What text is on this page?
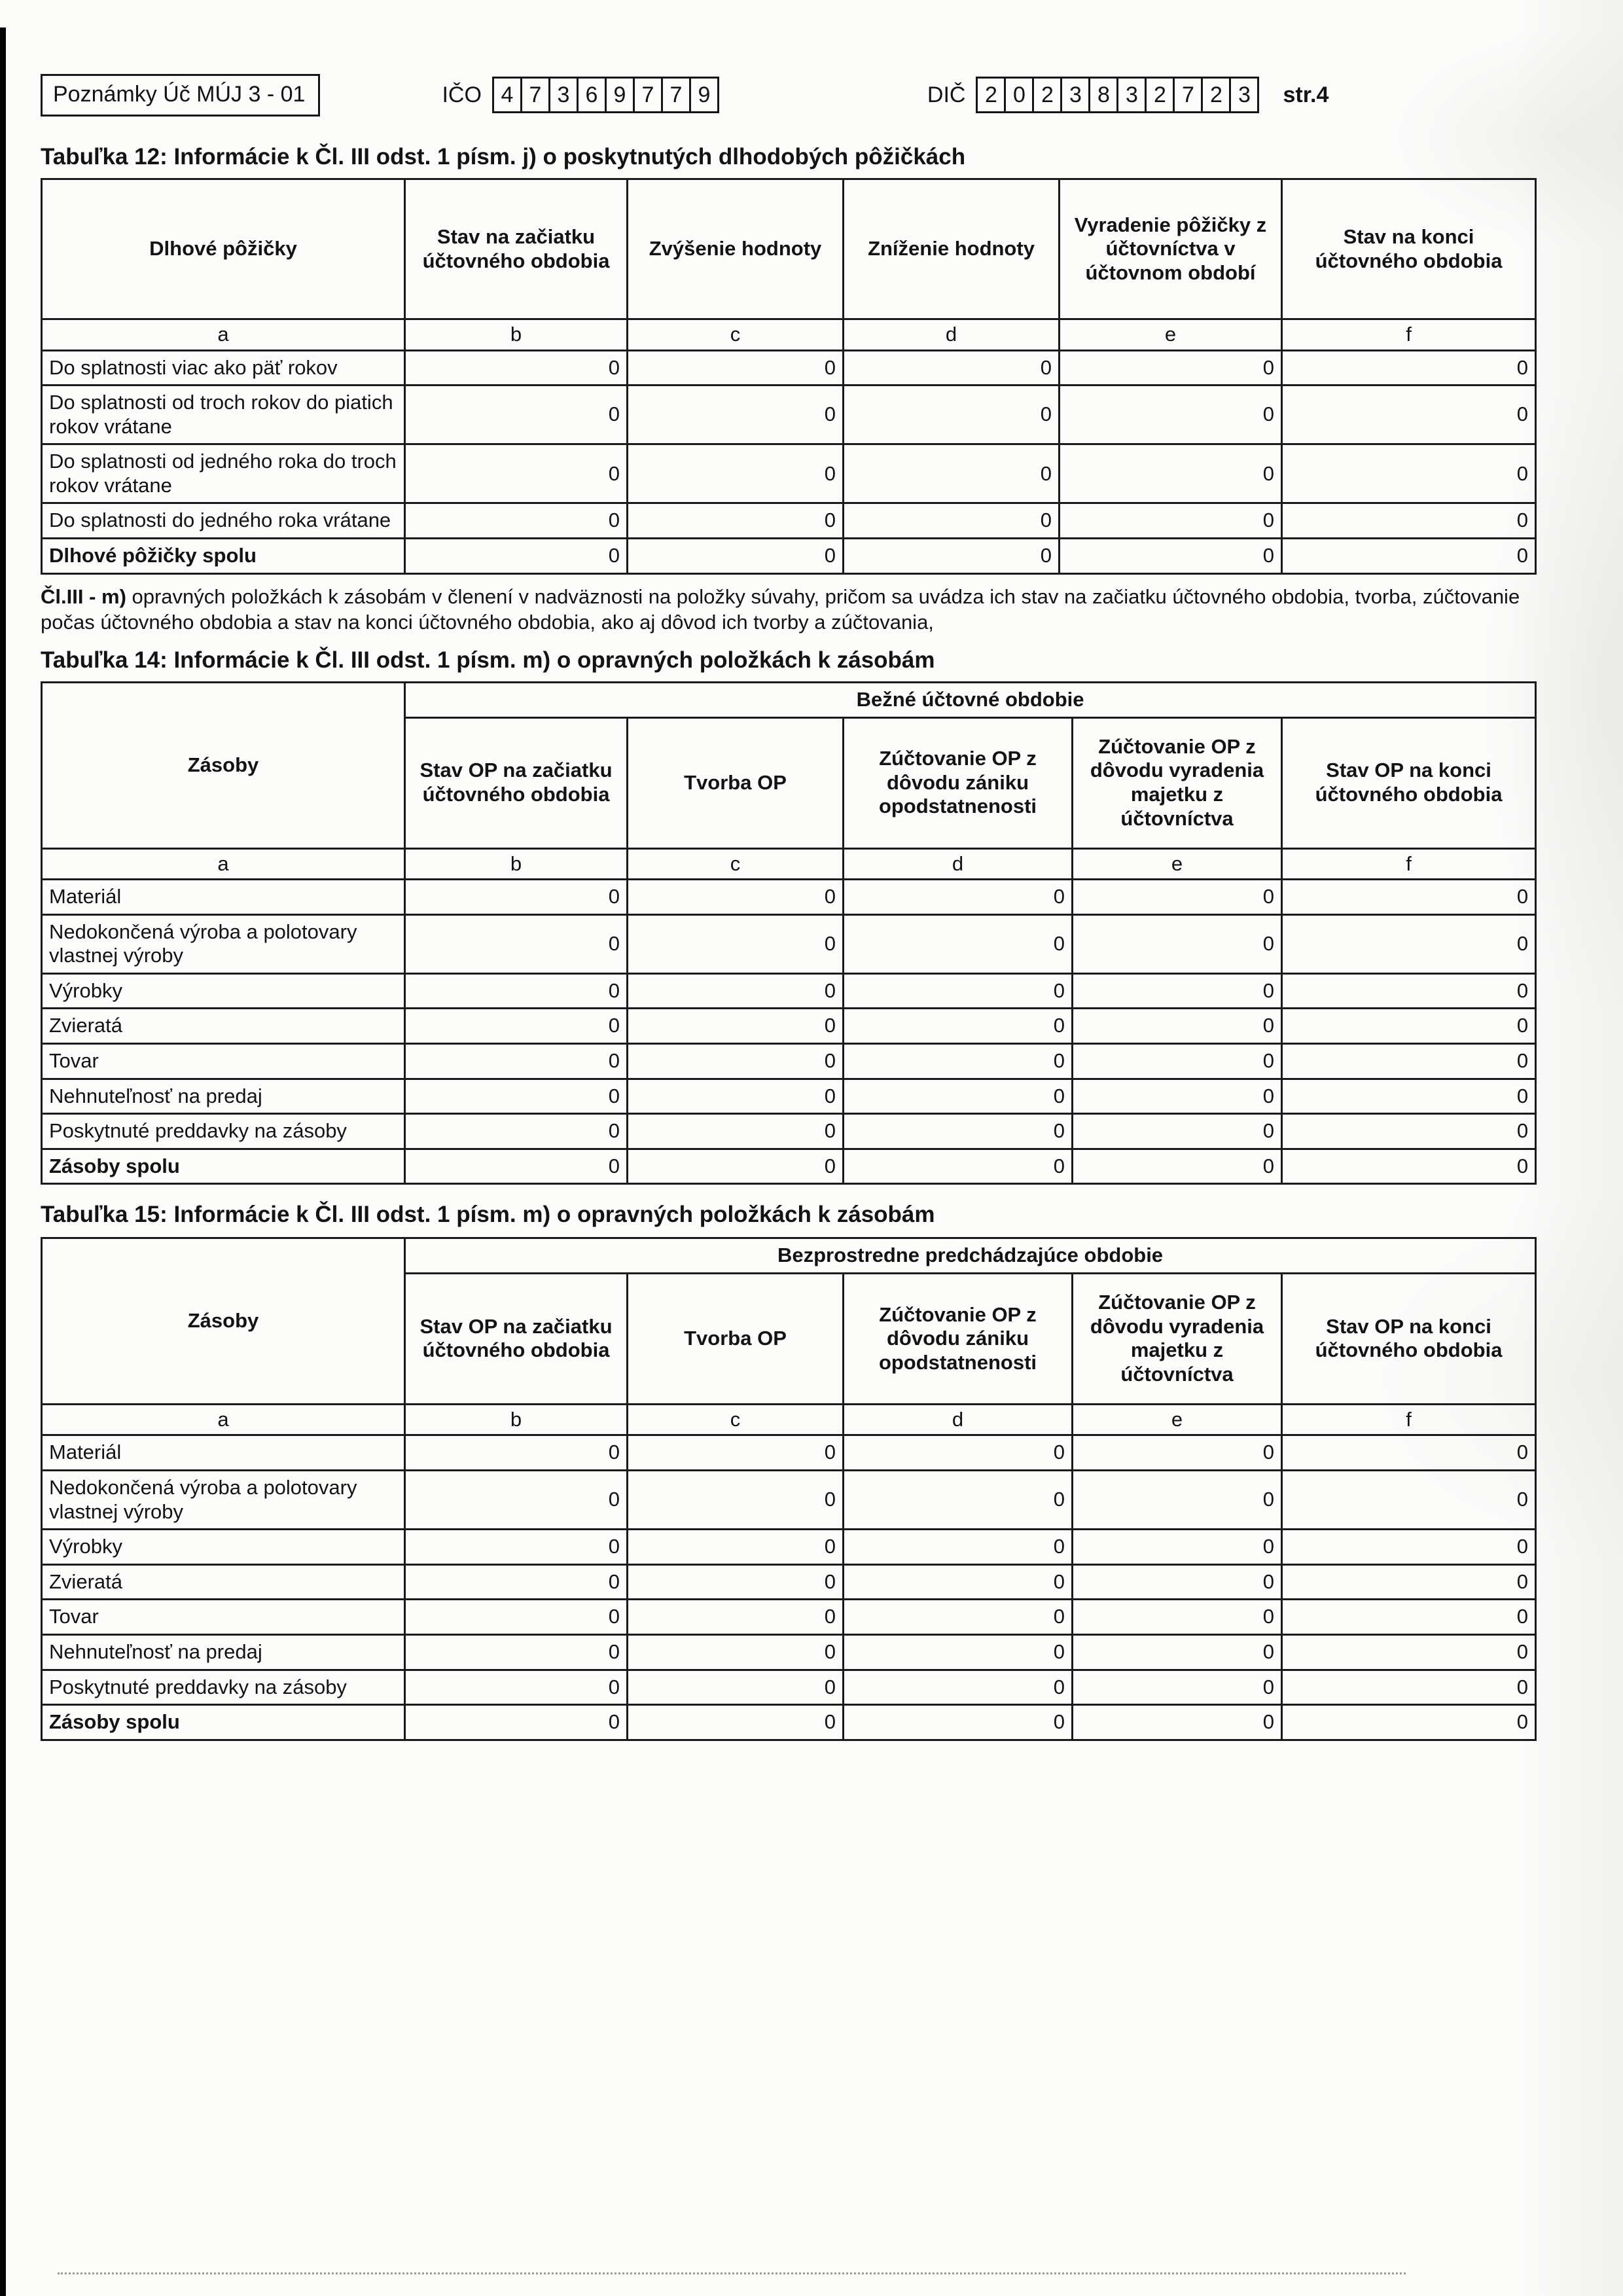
Poznámky Úč MÚJ 3 - 01	IČO 4 7 3 6 9 7 7 9	DIČ 2 0 2 3 8 3 2 7 2 3	str.4
Tabuľka 12: Informácie k Čl. III odst. 1 písm. j) o poskytnutých dlhodobých pôžičkách
Dlhové pôžičky	Stav na začiatku účtovného obdobia	Zvýšenie hodnoty	Zníženie hodnoty	Vyradenie pôžičky z účtovníctva v účtovnom období	Stav na konci účtovného obdobia
a	b	c	d	e	f
Do splatnosti viac ako päť rokov	0	0	0	0	0
Do splatnosti od troch rokov do piatich rokov vrátane	0	0	0	0	0
Do splatnosti od jedného roka do troch rokov vrátane	0	0	0	0	0
Do splatnosti do jedného roka vrátane	0	0	0	0	0
Dlhové pôžičky spolu	0	0	0	0	0

Čl.III - m) opravných položkách k zásobám v členení v nadväznosti na položky súvahy, pričom sa uvádza ich stav na začiatku účtovného obdobia, tvorba, zúčtovanie počas účtovného obdobia a stav na konci účtovného obdobia, ako aj dôvod ich tvorby a zúčtovania,

Tabuľka 14: Informácie k Čl. III odst. 1 písm. m) o opravných položkách k zásobám
Zásoby	Bežné účtovné obdobie				
	Stav OP na začiatku účtovného obdobia	Tvorba OP	Zúčtovanie OP z dôvodu zániku opodstatnenosti	Zúčtovanie OP z dôvodu vyradenia majetku z účtovníctva	Stav OP na konci účtovného obdobia
a	b	c	d	e	f
Materiál	0	0	0	0	0
Nedokončená výroba a polotovary vlastnej výroby	0	0	0	0	0
Výrobky	0	0	0	0	0
Zvieratá	0	0	0	0	0
Tovar	0	0	0	0	0
Nehnuteľnosť na predaj	0	0	0	0	0
Poskytnuté preddavky na zásoby	0	0	0	0	0
Zásoby spolu	0	0	0	0	0
Tabuľka 15: Informácie k Čl. III odst. 1 písm. m) o opravných položkách k zásobám
Zásoby	Bezprostredne predchádzajúce obdobie				
	Stav OP na začiatku účtovného obdobia	Tvorba OP	Zúčtovanie OP z dôvodu zániku opodstatnenosti	Zúčtovanie OP z dôvodu vyradenia majetku z účtovníctva	Stav OP na konci účtovného obdobia
a	b	c	d	e	f
Materiál	0	0	0	0	0
Nedokončená výroba a polotovary vlastnej výroby	0	0	0	0	0
Výrobky	0	0	0	0	0
Zvieratá	0	0	0	0	0
Tovar	0	0	0	0	0
Nehnuteľnosť na predaj	0	0	0	0	0
Poskytnuté preddavky na zásoby	0	0	0	0	0
Zásoby spolu	0	0	0	0	0
